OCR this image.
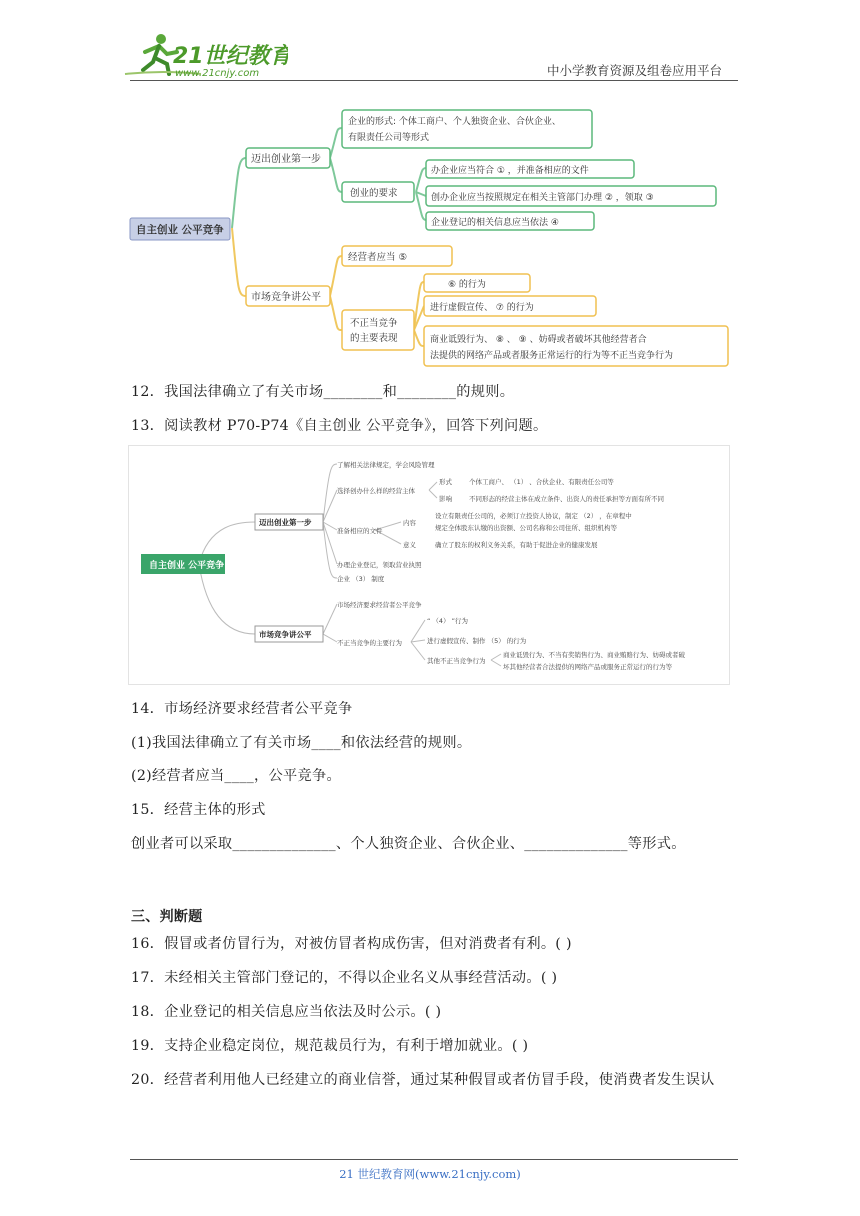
21世纪教育
www.21cnjy.com	中小学教育资源及组卷应用平台
自主创业 公平竞争
迈出创业第一步
企业的形式: 个体工商户、个人独资企业、合伙企业、
有限责任公司等形式
创业的要求
办企业应当符合 ① ，并准备相应的文件
创办企业应当按照规定在相关主管部门办理 ② ，领取 ③
企业登记的相关信息应当依法 ④
市场竞争讲公平
经营者应当 ⑤
不正当竞争
的主要表现
⑥ 的行为
进行虚假宣传、 ⑦ 的行为
商业诋毁行为、 ⑧ 、 ⑨ 、妨碍或者破坏其他经营者合
法提供的网络产品或者服务正常运行的行为等不正当竞争行为
12．我国法律确立了有关市场________和________的规则。
13．阅读教材 P70-P74《自主创业 公平竞争》，回答下列问题。
自主创业 公平竞争
迈出创业第一步
了解相关法律规定，学会风险管理
选择创办什么样的经营主体
形式	个体工商户、 （1） 、合伙企业、有限责任公司等
影响	不同形态的经营主体在成立条件、出资人的责任承担等方面有所不同
准备相应的文件
内容
设立有限责任公司的，必须订立投资人协议，制定 （2） ，在章程中
规定全体股东认缴的出资额、公司名称和公司住所、组织机构等
意义	确立了股东的权利义务关系，有助于促进企业的健康发展
办理企业登记，领取营业执照
企业 （3） 制度
市场竞争讲公平
市场经济要求经营者公平竞争
不正当竞争的主要行为
“ （4） ”行为
进行虚假宣传、制作 （5） 的行为
其他不正当竞争行为
商业诋毁行为、不当有奖销售行为、商业贿赂行为、妨碍或者破
坏其他经营者合法提供的网络产品或服务正常运行的行为等
14．市场经济要求经营者公平竞争
(1)我国法律确立了有关市场____和依法经营的规则。
(2)经营者应当____，公平竞争。
15．经营主体的形式
创业者可以采取______________、个人独资企业、合伙企业、______________等形式。
三、判断题
16．假冒或者仿冒行为，对被仿冒者构成伤害，但对消费者有利。( )
17．未经相关主管部门登记的，不得以企业名义从事经营活动。( )
18．企业登记的相关信息应当依法及时公示。( )
19．支持企业稳定岗位，规范裁员行为，有利于增加就业。( )
20．经营者利用他人已经建立的商业信誉，通过某种假冒或者仿冒手段，使消费者发生误认
21 世纪教育网(www.21cnjy.com)
